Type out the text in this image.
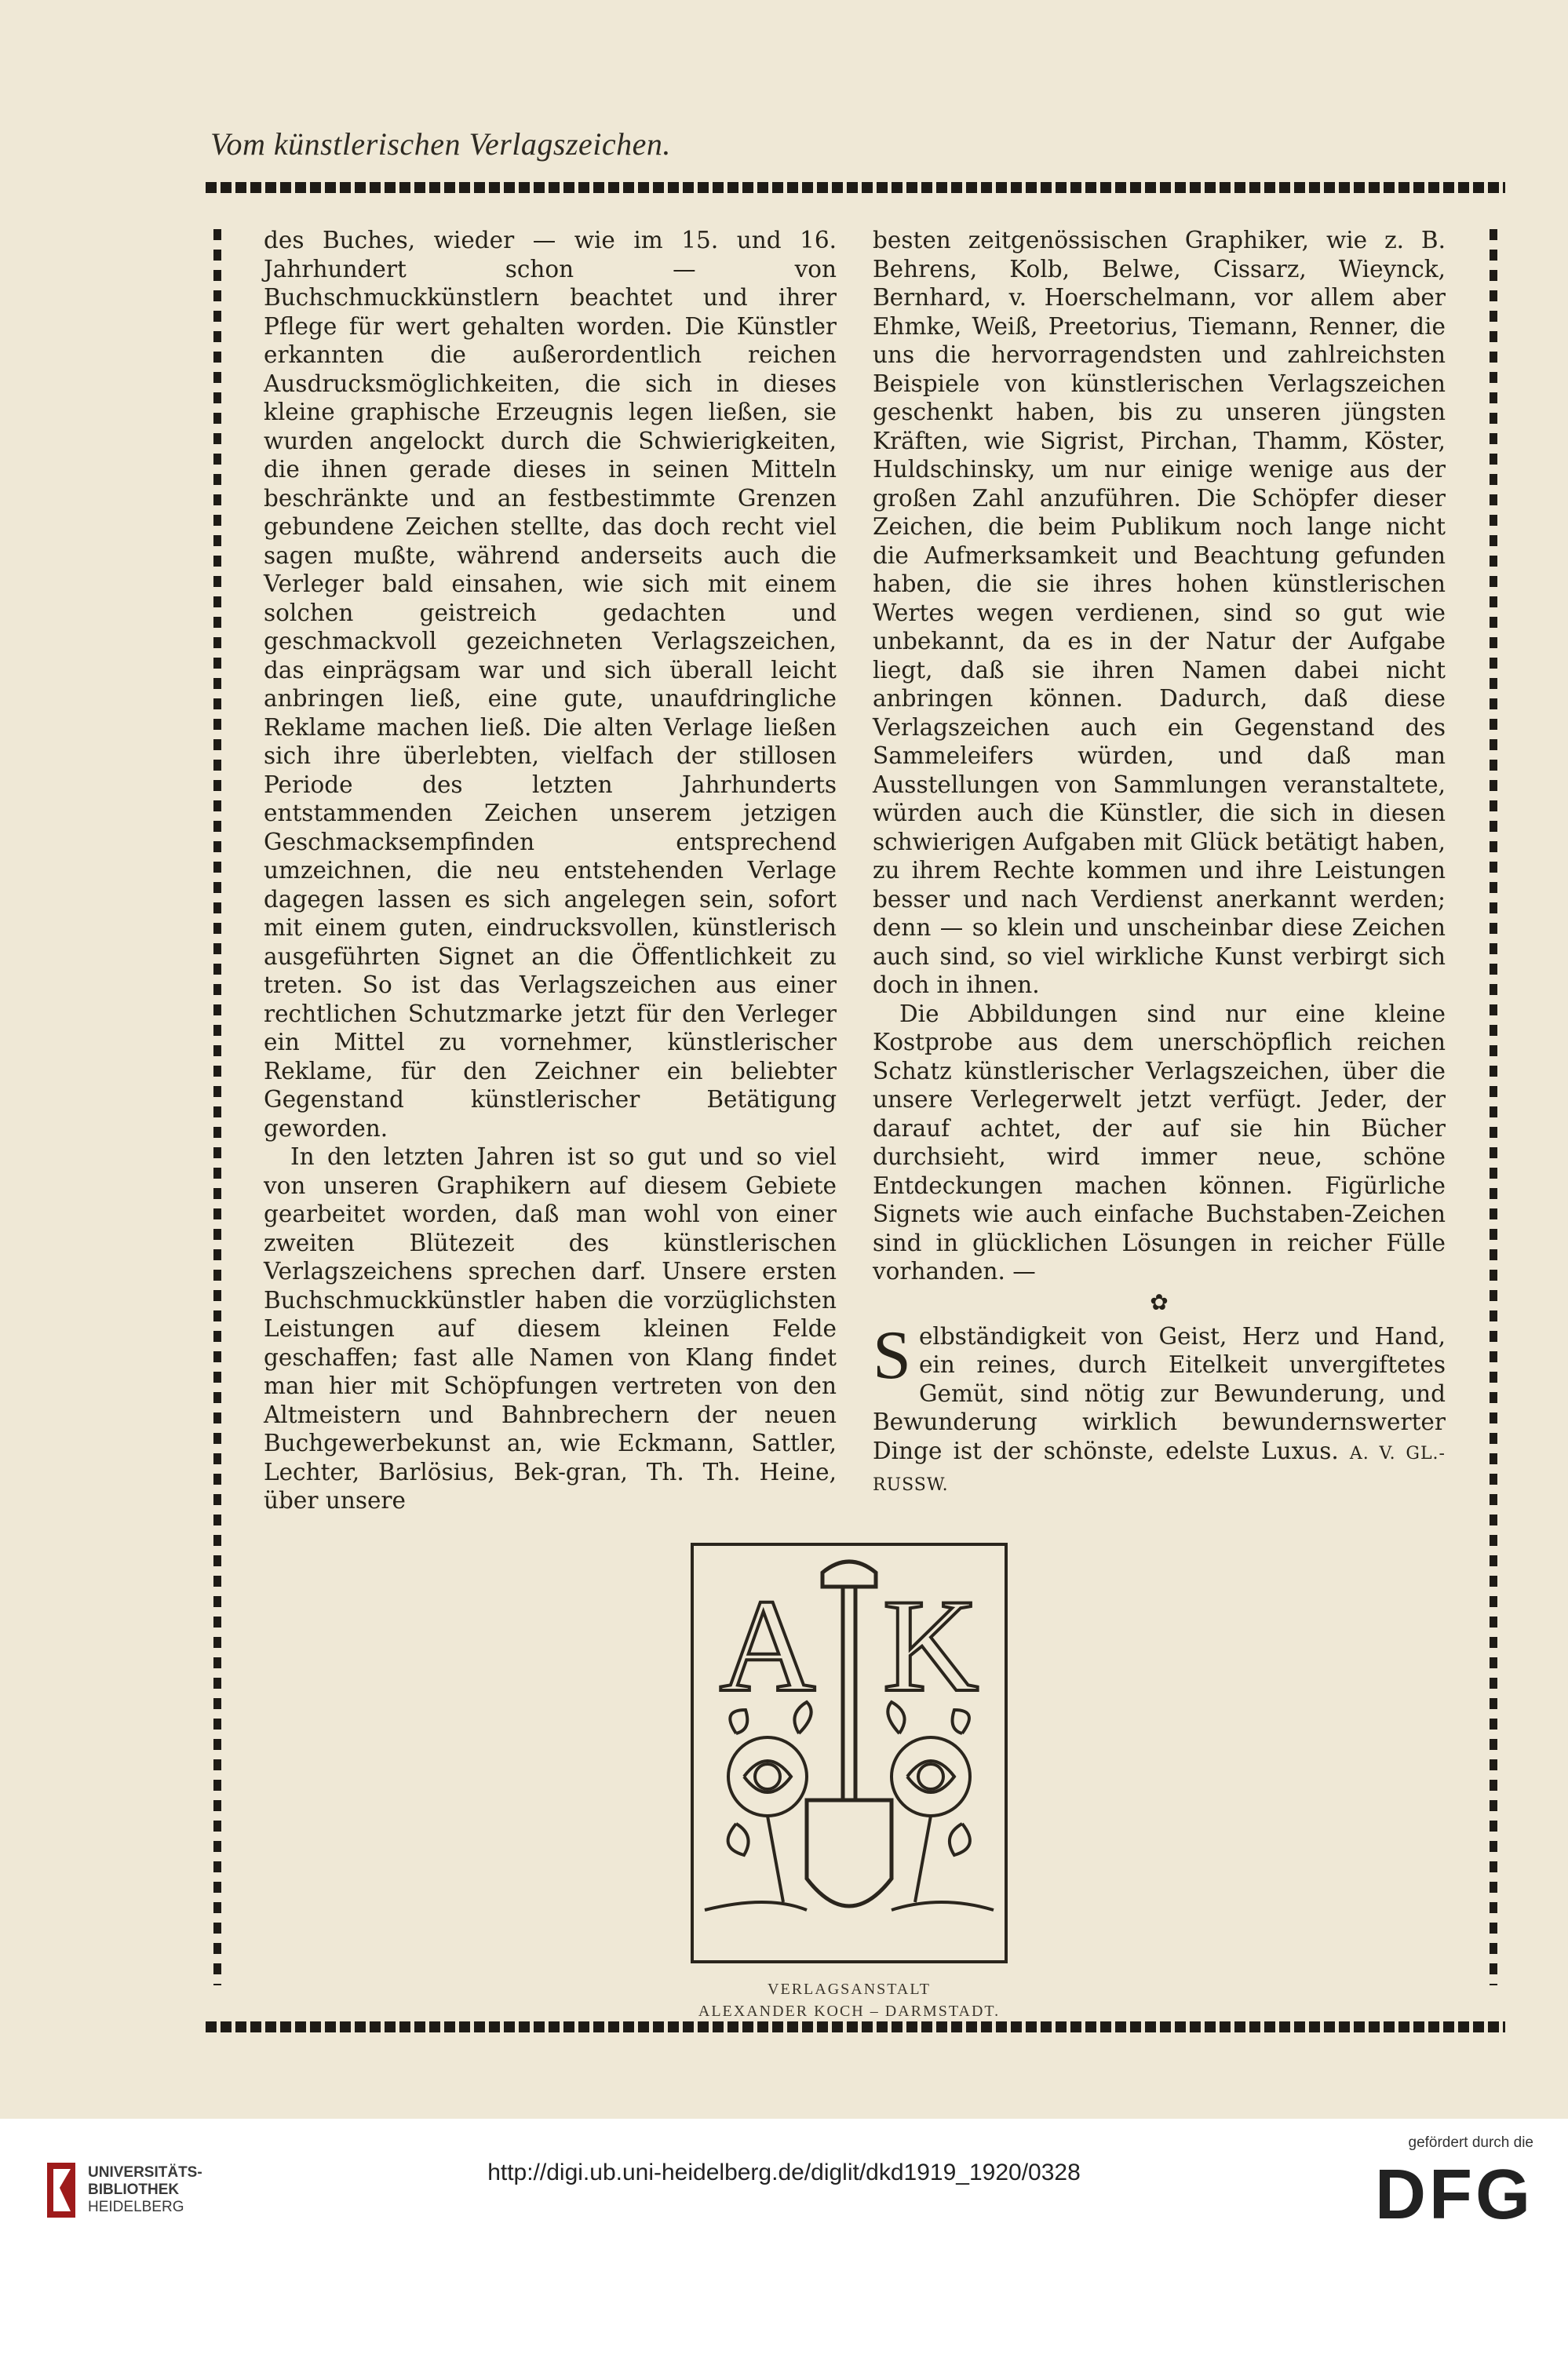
Vom künstlerischen Verlagszeichen.

des Buches, wieder — wie im 15. und 16. Jahrhundert schon — von Buchschmuckkünstlern beachtet und ihrer Pflege für wert gehalten worden. Die Künstler erkannten die außerordentlich reichen Ausdrucksmöglichkeiten, die sich in dieses kleine graphische Erzeugnis legen ließen, sie wurden angelockt durch die Schwierigkeiten, die ihnen gerade dieses in seinen Mitteln beschränkte und an festbestimmte Grenzen gebundene Zeichen stellte, das doch recht viel sagen mußte, während anderseits auch die Verleger bald einsahen, wie sich mit einem solchen geistreich gedachten und geschmackvoll gezeichneten Verlagszeichen, das einprägsam war und sich überall leicht anbringen ließ, eine gute, unaufdringliche Reklame machen ließ. Die alten Verlage ließen sich ihre überlebten, vielfach der stillosen Periode des letzten Jahrhunderts entstammenden Zeichen unserem jetzigen Geschmacksempfinden entsprechend umzeichnen, die neu entstehenden Verlage dagegen lassen es sich angelegen sein, sofort mit einem guten, eindrucksvollen, künstlerisch ausgeführten Signet an die Öffentlichkeit zu treten. So ist das Verlagszeichen aus einer rechtlichen Schutzmarke jetzt für den Verleger ein Mittel zu vornehmer, künstlerischer Reklame, für den Zeichner ein beliebter Gegenstand künstlerischer Betätigung geworden.

In den letzten Jahren ist so gut und so viel von unseren Graphikern auf diesem Gebiete gearbeitet worden, daß man wohl von einer zweiten Blütezeit des künstlerischen Verlagszeichens sprechen darf. Unsere ersten Buchschmuckkünstler haben die vorzüglichsten Leistungen auf diesem kleinen Felde geschaffen; fast alle Namen von Klang findet man hier mit Schöpfungen vertreten von den Altmeistern und Bahnbrechern der neuen Buchgewerbekunst an, wie Eckmann, Sattler, Lechter, Barlösius, Bek-gran, Th. Th. Heine, über unsere

besten zeitgenössischen Graphiker, wie z. B. Behrens, Kolb, Belwe, Cissarz, Wieynck, Bernhard, v. Hoerschelmann, vor allem aber Ehmke, Weiß, Preetorius, Tiemann, Renner, die uns die hervorragendsten und zahlreichsten Beispiele von künstlerischen Verlagszeichen geschenkt haben, bis zu unseren jüngsten Kräften, wie Sigrist, Pirchan, Thamm, Köster, Huldschinsky, um nur einige wenige aus der großen Zahl anzuführen. Die Schöpfer dieser Zeichen, die beim Publikum noch lange nicht die Aufmerksamkeit und Beachtung gefunden haben, die sie ihres hohen künstlerischen Wertes wegen verdienen, sind so gut wie unbekannt, da es in der Natur der Aufgabe liegt, daß sie ihren Namen dabei nicht anbringen können. Dadurch, daß diese Verlagszeichen auch ein Gegenstand des Sammeleifers würden, und daß man Ausstellungen von Sammlungen veranstaltete, würden auch die Künstler, die sich in diesen schwierigen Aufgaben mit Glück betätigt haben, zu ihrem Rechte kommen und ihre Leistungen besser und nach Verdienst anerkannt werden; denn — so klein und unscheinbar diese Zeichen auch sind, so viel wirkliche Kunst verbirgt sich doch in ihnen.

Die Abbildungen sind nur eine kleine Kostprobe aus dem unerschöpflich reichen Schatz künstlerischer Verlagszeichen, über die unsere Verlegerwelt jetzt verfügt. Jeder, der darauf achtet, der auf sie hin Bücher durchsieht, wird immer neue, schöne Entdeckungen machen können. Figürliche Signets wie auch einfache Buchstaben-Zeichen sind in glücklichen Lösungen in reicher Fülle vorhanden. —

✿

S elbständigkeit von Geist, Herz und Hand, ein reines, durch Eitelkeit unvergiftetes Gemüt, sind nötig zur Bewunderung, und Bewunderung wirklich bewundernswerter Dinge ist der schönste, edelste Luxus. A. V. GL.-RUSSW.

A K
VERLAGSANSTALT
ALEXANDER KOCH – DARMSTADT.
UNIVERSITÄTS-
BIBLIOTHEK
HEIDELBERG
http://digi.ub.uni-heidelberg.de/diglit/dkd1919_1920/0328
gefördert durch die
DFG
